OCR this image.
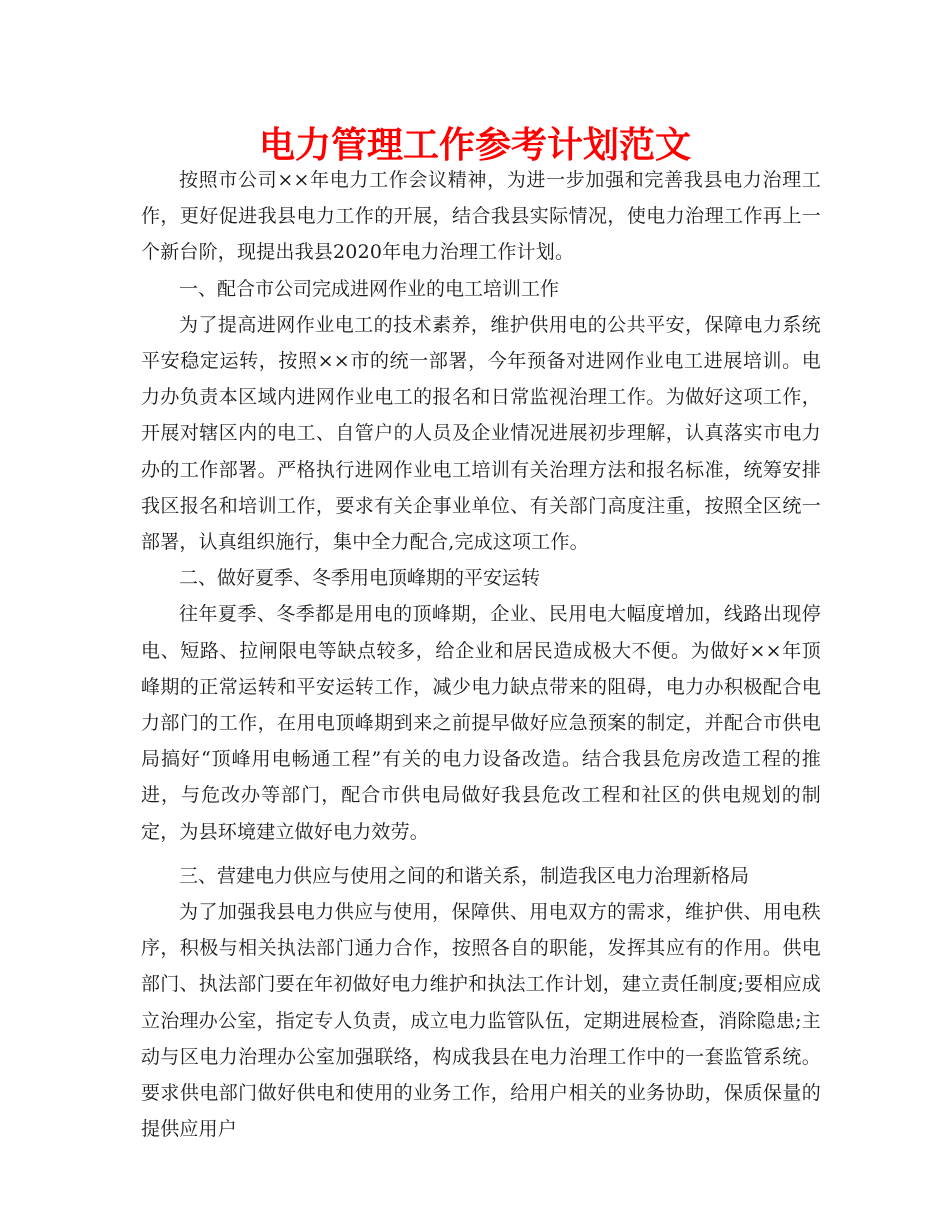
电力管理工作参考计划范文

按照市公司××年电力工作会议精神，为进一步加强和完善我县电力治理工作，更好促进我县电力工作的开展，结合我县实际情况，使电力治理工作再上一个新台阶，现提出我县2020年电力治理工作计划。

一、配合市公司完成进网作业的电工培训工作

为了提高进网作业电工的技术素养，维护供用电的公共平安，保障电力系统平安稳定运转，按照××市的统一部署，今年预备对进网作业电工进展培训。电力办负责本区域内进网作业电工的报名和日常监视治理工作。为做好这项工作，开展对辖区内的电工、自管户的人员及企业情况进展初步理解，认真落实市电力办的工作部署。严格执行进网作业电工培训有关治理方法和报名标准，统筹安排我区报名和培训工作，要求有关企事业单位、有关部门高度注重，按照全区统一部署，认真组织施行，集中全力配合,完成这项工作。

二、做好夏季、冬季用电顶峰期的平安运转

往年夏季、冬季都是用电的顶峰期，企业、民用电大幅度增加，线路出现停电、短路、拉闸限电等缺点较多，给企业和居民造成极大不便。为做好××年顶峰期的正常运转和平安运转工作，减少电力缺点带来的阻碍，电力办积极配合电力部门的工作，在用电顶峰期到来之前提早做好应急预案的制定，并配合市供电局搞好“顶峰用电畅通工程”有关的电力设备改造。结合我县危房改造工程的推进，与危改办等部门，配合市供电局做好我县危改工程和社区的供电规划的制定，为县环境建立做好电力效劳。

三、营建电力供应与使用之间的和谐关系，制造我区电力治理新格局

为了加强我县电力供应与使用，保障供、用电双方的需求，维护供、用电秩序，积极与相关执法部门通力合作，按照各自的职能，发挥其应有的作用。供电部门、执法部门要在年初做好电力维护和执法工作计划，建立责任制度;要相应成立治理办公室，指定专人负责，成立电力监管队伍，定期进展检查，消除隐患;主动与区电力治理办公室加强联络，构成我县在电力治理工作中的一套监管系统。要求供电部门做好供电和使用的业务工作，给用户相关的业务协助，保质保量的提供应用户
